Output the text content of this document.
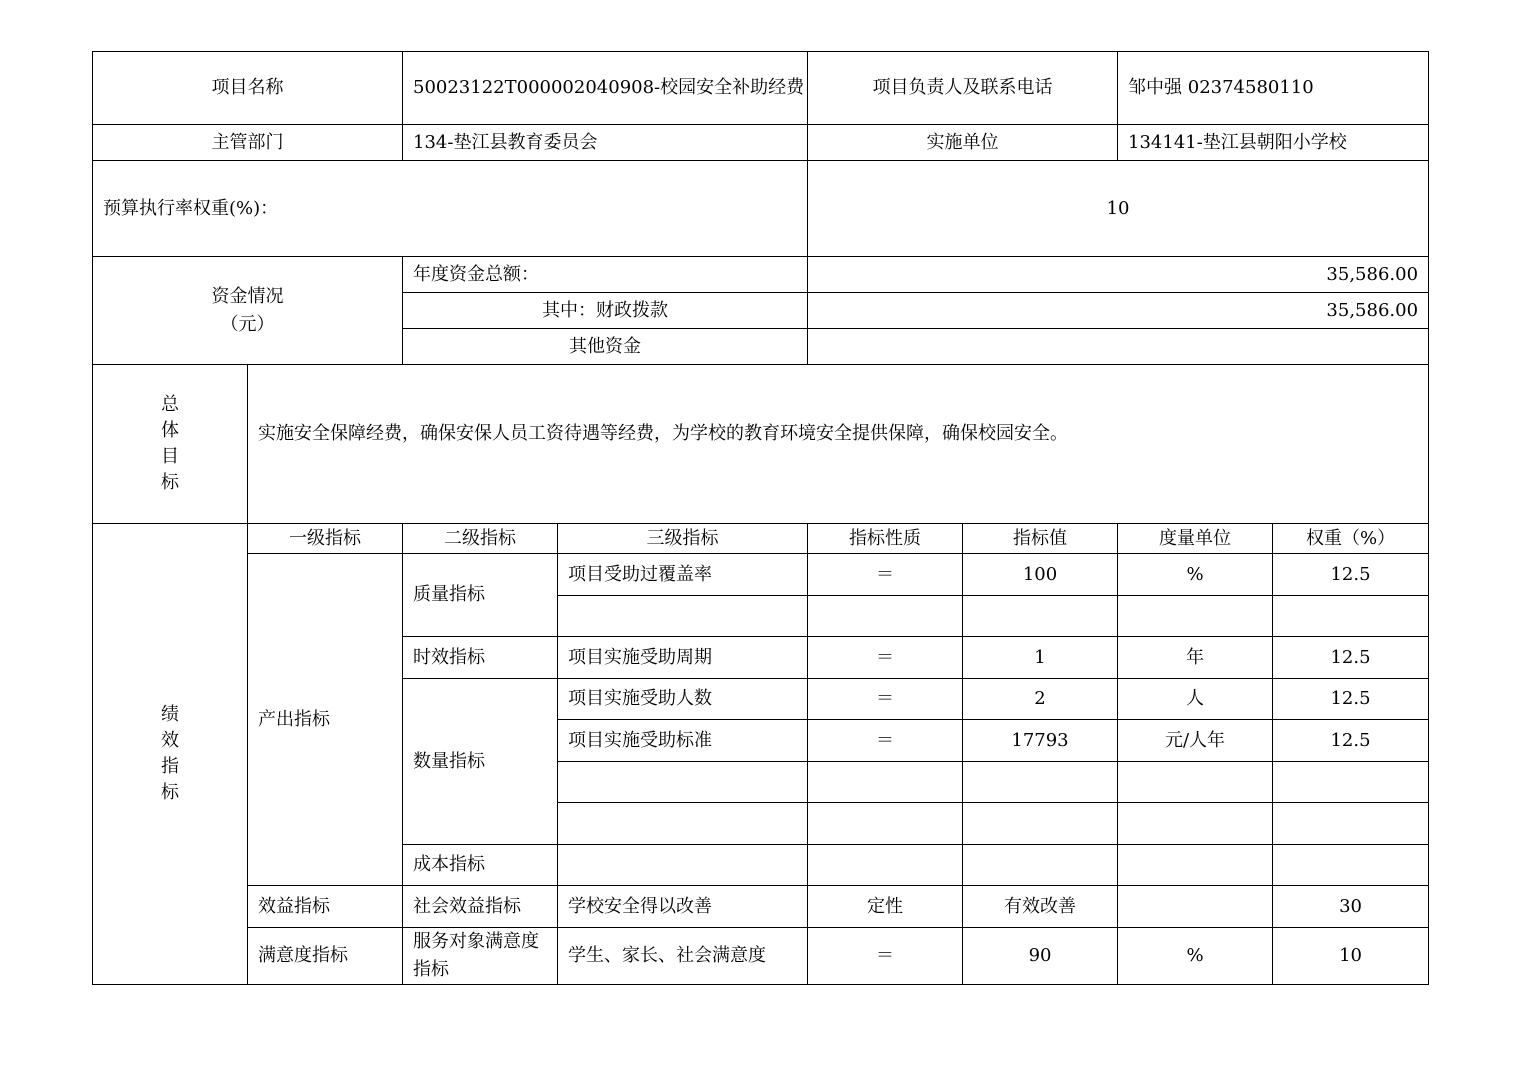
项目名称		50023122T000002040908-校园安全补助经费		项目负责人及联系电话		邹中强 02374580110	
主管部门		134-垫江县教育委员会		实施单位		134141-垫江县朝阳小学校	
预算执行率权重(%)：				10			
资金情况
（元）		年度资金总额：		35,586.00			
		其中：财政拨款		35,586.00			
		其他资金					

总
体
目
标	实施安全保障经费，确保安保人员工资待遇等经费，为学校的教育环境安全提供保障，确保校园安全。						

绩
效
指
标	一级指标	二级指标	三级指标	指标性质	指标值	度量单位	权重（%）
	产出指标	质量指标	项目受助过覆盖率	＝	100	%	12.5

		时效指标	项目实施受助周期	＝	1	年	12.5
		数量指标	项目实施受助人数	＝	2	人	12.5
			项目实施受助标准	＝	17793	元/人年	12.5

		成本指标					
	效益指标	社会效益指标	学校安全得以改善	定性	有效改善		30
	满意度指标	服务对象满意度指标	学生、家长、社会满意度	＝	90	%	10
